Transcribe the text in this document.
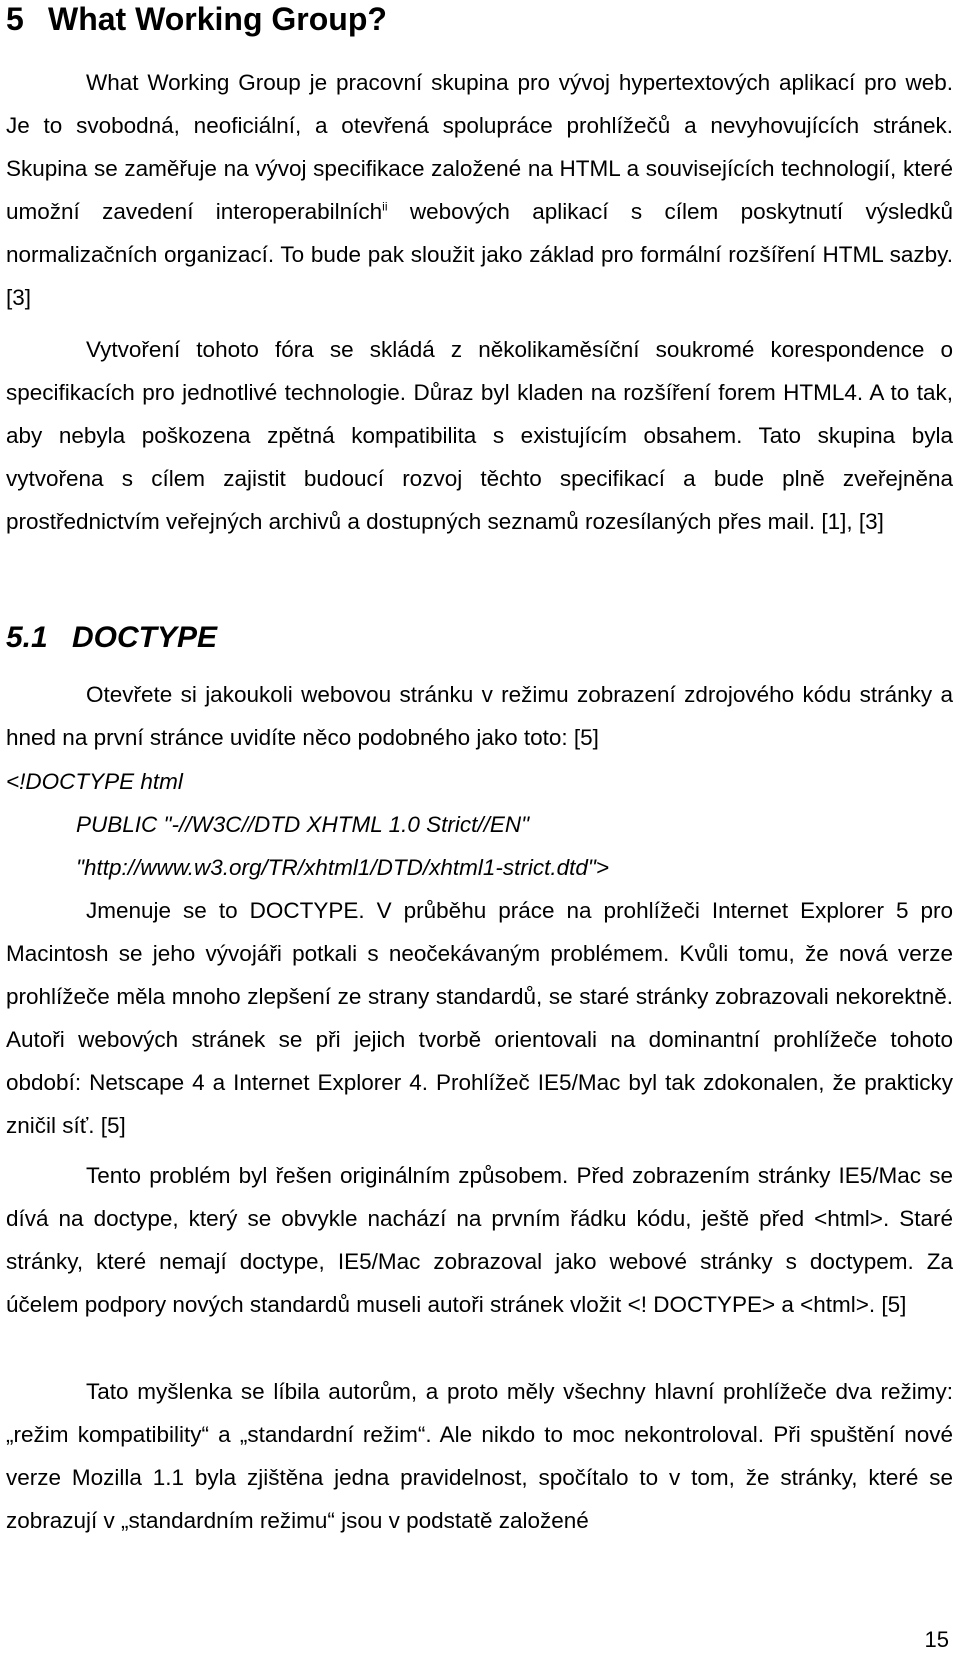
5 What Working Group?

What Working Group je pracovní skupina pro vývoj hypertextových aplikací pro web. Je to svobodná, neoficiální, a otevřená spolupráce prohlížečů a nevyhovujících stránek. Skupina se zaměřuje na vývoj specifikace založené na HTML a souvisejících technologií, které umožní zavedení interoperabilních$^{ii}$ webových aplikací s cílem poskytnutí výsledků normalizačních organizací. To bude pak sloužit jako základ pro formální rozšíření HTML sazby. [3]

Vytvoření tohoto fóra se skládá z několikaměsíční soukromé korespondence o specifikacích pro jednotlivé technologie. Důraz byl kladen na rozšíření forem HTML4. A to tak, aby nebyla poškozena zpětná kompatibilita s existujícím obsahem. Tato skupina byla vytvořena s cílem zajistit budoucí rozvoj těchto specifikací a bude plně zveřejněna prostřednictvím veřejných archivů a dostupných seznamů rozesílaných přes mail. [1], [3]

5.1 DOCTYPE

Otevřete si jakoukoli webovou stránku v režimu zobrazení zdrojového kódu stránky a hned na první stránce uvidíte něco podobného jako toto: [5]

<!DOCTYPE html

PUBLIC "-//W3C//DTD XHTML 1.0 Strict//EN"

"http://www.w3.org/TR/xhtml1/DTD/xhtml1-strict.dtd">

Jmenuje se to DOCTYPE. V průběhu práce na prohlížeči Internet Explorer 5 pro Macintosh se jeho vývojáři potkali s neočekávaným problémem. Kvůli tomu, že nová verze prohlížeče měla mnoho zlepšení ze strany standardů, se staré stránky zobrazovali nekorektně. Autoři webových stránek se při jejich tvorbě orientovali na dominantní prohlížeče tohoto období: Netscape 4 a Internet Explorer 4. Prohlížeč IE5/Mac byl tak zdokonalen, že prakticky zničil síť. [5]

Tento problém byl řešen originálním způsobem. Před zobrazením stránky IE5/Mac se dívá na doctype, který se obvykle nachází na prvním řádku kódu, ještě před <html>. Staré stránky, které nemají doctype, IE5/Mac zobrazoval jako webové stránky s doctypem. Za účelem podpory nových standardů museli autoři stránek vložit <! DOCTYPE> a <html>. [5]

Tato myšlenka se líbila autorům, a proto měly všechny hlavní prohlížeče dva režimy: „režim kompatibility“ a „standardní režim“. Ale nikdo to moc nekontroloval. Při spuštění nové verze Mozilla 1.1 byla zjištěna jedna pravidelnost, spočítalo to v tom, že stránky, které se zobrazují v „standardním režimu“ jsou v podstatě založené

15
